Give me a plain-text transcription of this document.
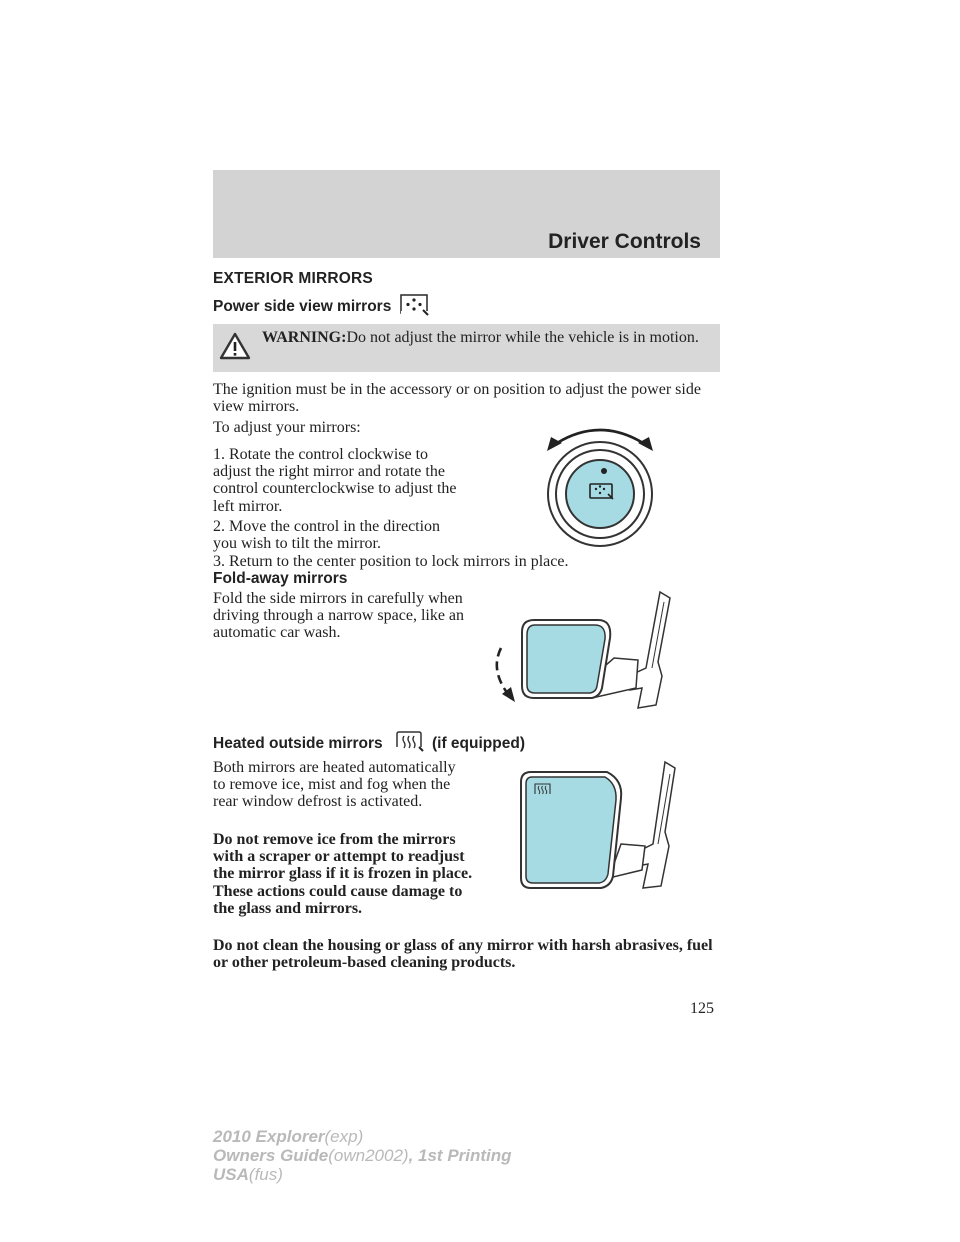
Driver Controls
EXTERIOR MIRRORS
Power side view mirrors
WARNING:Do not adjust the mirror while the vehicle is in motion.
The ignition must be in the accessory or on position to adjust the power side view mirrors.
To adjust your mirrors:
1. Rotate the control clockwise to adjust the right mirror and rotate the control counterclockwise to adjust the left mirror.
2. Move the control in the direction you wish to tilt the mirror.
3. Return to the center position to lock mirrors in place.
Fold-away mirrors
Fold the side mirrors in carefully when driving through a narrow space, like an automatic car wash.
Heated outside mirrors	(if equipped)
Both mirrors are heated automatically to remove ice, mist and fog when the rear window defrost is activated.
Do not remove ice from the mirrors with a scraper or attempt to readjust the mirror glass if it is frozen in place. These actions could cause damage to the glass and mirrors.
Do not clean the housing or glass of any mirror with harsh abrasives, fuel or other petroleum-based cleaning products.
125
2010 Explorer(exp)
Owners Guide(own2002), 1st Printing
USA(fus)
